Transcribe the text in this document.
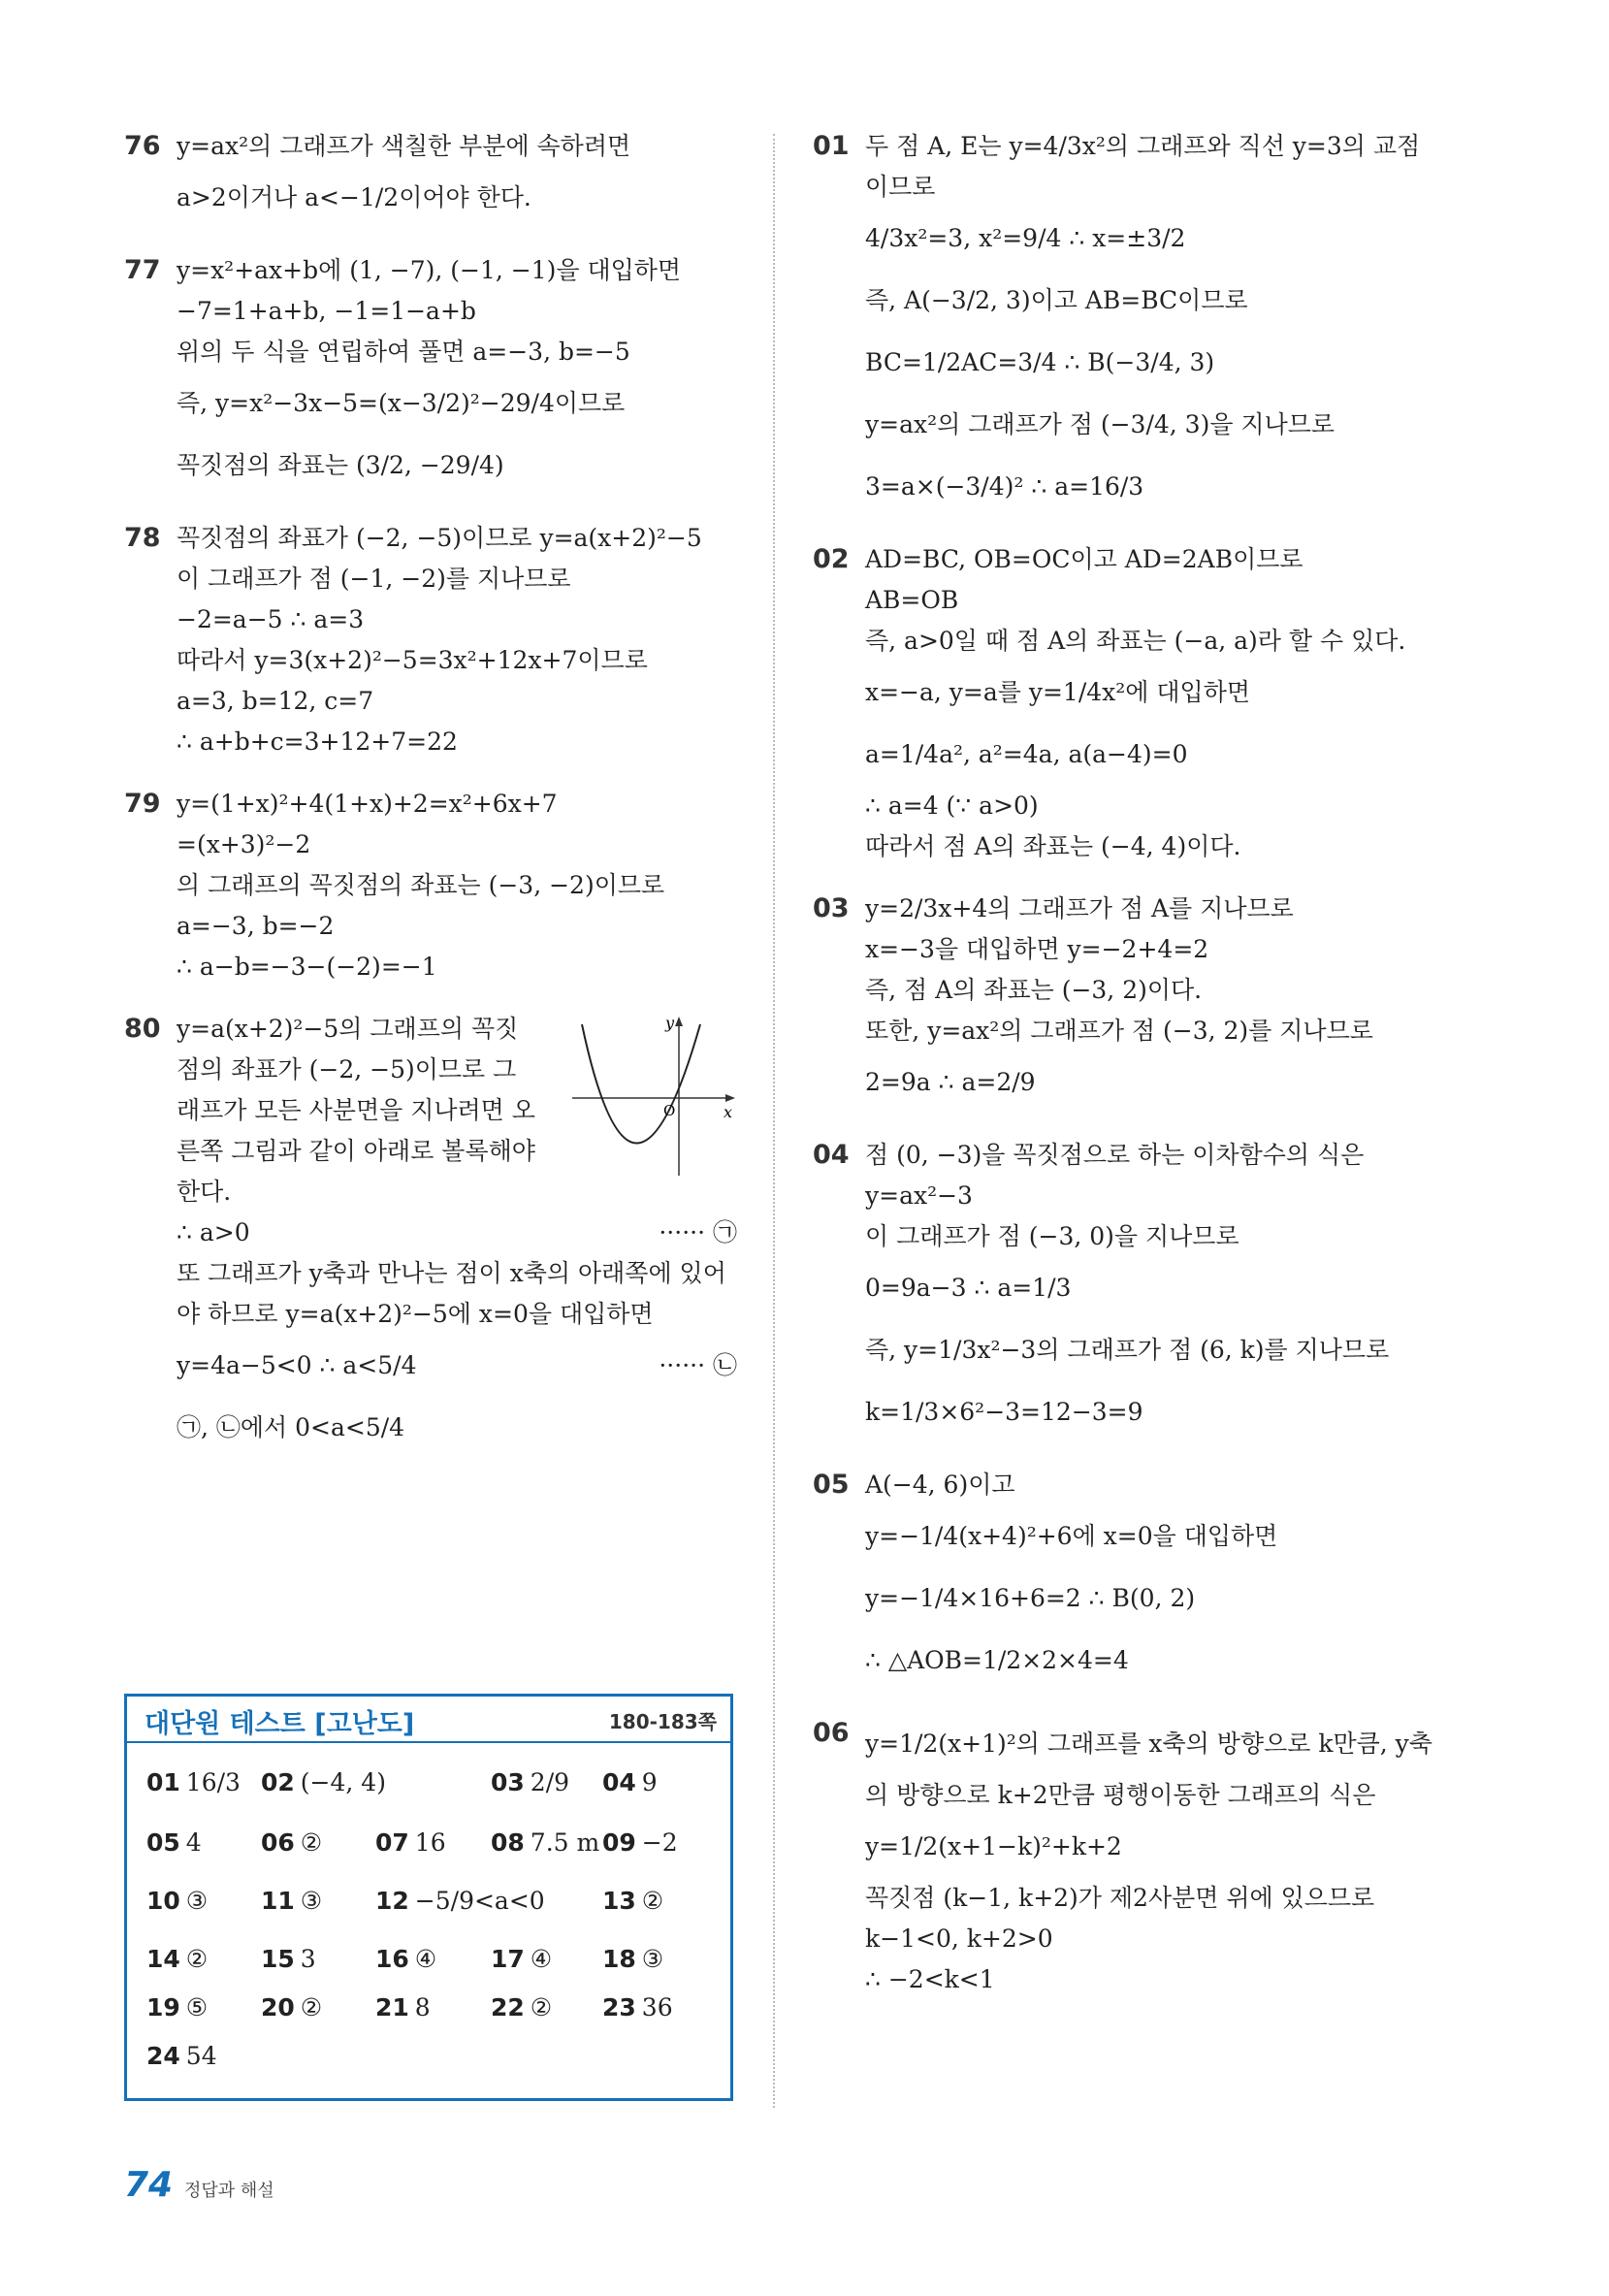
76 y=ax²의 그래프가 색칠한 부분에 속하려면
a>2이거나 a<−1/2이어야 한다.
77 y=x²+ax+b에 (1, −7), (−1, −1)을 대입하면
−7=1+a+b, −1=1−a+b
위의 두 식을 연립하여 풀면 a=−3, b=−5
즉, y=x²−3x−5=(x−3/2)²−29/4이므로
꼭짓점의 좌표는 (3/2, −29/4)
78 꼭짓점의 좌표가 (−2, −5)이므로 y=a(x+2)²−5
이 그래프가 점 (−1, −2)를 지나므로
−2=a−5 ∴ a=3
따라서 y=3(x+2)²−5=3x²+12x+7이므로
a=3, b=12, c=7
∴ a+b+c=3+12+7=22
79 y=(1+x)²+4(1+x)+2=x²+6x+7
=(x+3)²−2
의 그래프의 꼭짓점의 좌표는 (−3, −2)이므로
a=−3, b=−2
∴ a−b=−3−(−2)=−1
80 y=a(x+2)²−5의 그래프의 꼭짓
점의 좌표가 (−2, −5)이므로 그
래프가 모든 사분면을 지나려면 오
른쪽 그림과 같이 아래로 볼록해야
한다.
y
x
O
∴ a>0	······ ㉠
또 그래프가 y축과 만나는 점이 x축의 아래쪽에 있어
야 하므로 y=a(x+2)²−5에 x=0을 대입하면
y=4a−5<0 ∴ a<5/4	······ ㉡
㉠, ㉡에서 0<a<5/4
01 두 점 A, E는 y=4/3x²의 그래프와 직선 y=3의 교점
이므로
4/3x²=3, x²=9/4 ∴ x=±3/2
즉, A(−3/2, 3)이고 AB=BC이므로
BC=1/2AC=3/4 ∴ B(−3/4, 3)
y=ax²의 그래프가 점 (−3/4, 3)을 지나므로
3=a×(−3/4)² ∴ a=16/3
02 AD=BC, OB=OC이고 AD=2AB이므로
AB=OB
즉, a>0일 때 점 A의 좌표는 (−a, a)라 할 수 있다.
x=−a, y=a를 y=1/4x²에 대입하면
a=1/4a², a²=4a, a(a−4)=0
∴ a=4 (∵ a>0)
따라서 점 A의 좌표는 (−4, 4)이다.
03 y=2/3x+4의 그래프가 점 A를 지나므로
x=−3을 대입하면 y=−2+4=2
즉, 점 A의 좌표는 (−3, 2)이다.
또한, y=ax²의 그래프가 점 (−3, 2)를 지나므로
2=9a ∴ a=2/9
04 점 (0, −3)을 꼭짓점으로 하는 이차함수의 식은
y=ax²−3
이 그래프가 점 (−3, 0)을 지나므로
0=9a−3 ∴ a=1/3
즉, y=1/3x²−3의 그래프가 점 (6, k)를 지나므로
k=1/3×6²−3=12−3=9
05 A(−4, 6)이고
y=−1/4(x+4)²+6에 x=0을 대입하면
y=−1/4×16+6=2 ∴ B(0, 2)
∴ △AOB=1/2×2×4=4
06 y=1/2(x+1)²의 그래프를 x축의 방향으로 k만큼, y축
의 방향으로 k+2만큼 평행이동한 그래프의 식은
y=1/2(x+1−k)²+k+2
꼭짓점 (k−1, k+2)가 제2사분면 위에 있으므로
k−1<0, k+2>0
∴ −2<k<1
대단원 테스트 [고난도]	180-183쪽
01 16/3 02 (−4, 4)	03 2/9 04 9
05 4 06 ② 07 16 08 7.5 m 09 −2
10 ③ 11 ③ 12 −5/9<a<0 13 ②
14 ② 15 3 16 ④ 17 ④ 18 ③
19 ⑤ 20 ② 21 8 22 ② 23 36
24 54
74 정답과 해설
